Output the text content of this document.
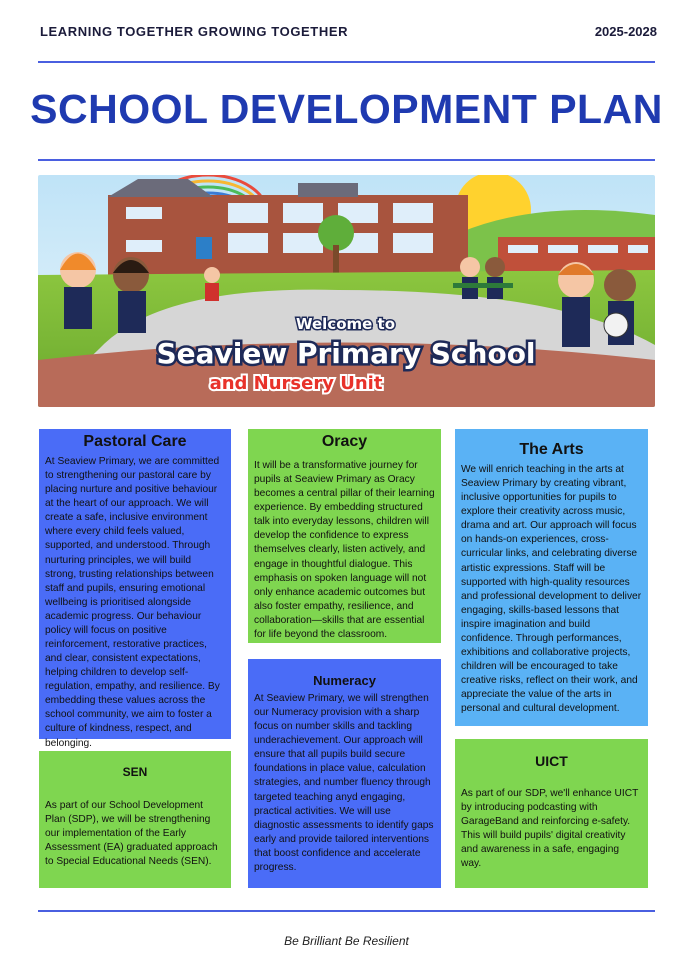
LEARNING TOGETHER GROWING TOGETHER	2025-2028
SCHOOL DEVELOPMENT PLAN
Welcome to
Seaview Primary School
and Nursery Unit
Pastoral Care

At Seaview Primary, we are committed to strengthening our pastoral care by placing nurture and positive behaviour at the heart of our approach. We will create a safe, inclusive environment where every child feels valued, supported, and understood. Through nurturing principles, we will build strong, trusting relationships between staff and pupils, ensuring emotional wellbeing is prioritised alongside academic progress. Our behaviour policy will focus on positive reinforcement, restorative practices, and clear, consistent expectations, helping children to develop self-regulation, empathy, and resilience. By embedding these values across the school community, we aim to foster a culture of kindness, respect, and belonging.

SEN

As part of our School Development Plan (SDP), we will be strengthening our implementation of the Early Assessment (EA) graduated approach to Special Educational Needs (SEN).

Oracy

It will be a transformative journey for pupils at Seaview Primary as Oracy becomes a central pillar of their learning experience. By embedding structured talk into everyday lessons, children will develop the confidence to express themselves clearly, listen actively, and engage in thoughtful dialogue. This emphasis on spoken language will not only enhance academic outcomes but also foster empathy, resilience, and collaboration—skills that are essential for life beyond the classroom.

Numeracy

At Seaview Primary, we will strengthen our Numeracy provision with a sharp focus on number skills and tackling underachievement. Our approach will ensure that all pupils build secure foundations in place value, calculation strategies, and number fluency through targeted teaching anyd engaging, practical activities. We will use diagnostic assessments to identify gaps early and provide tailored interventions that boost confidence and accelerate progress.

The Arts

We will enrich teaching in the arts at Seaview Primary by creating vibrant, inclusive opportunities for pupils to explore their creativity across music, drama and art. Our approach will focus on hands-on experiences, cross-curricular links, and celebrating diverse artistic expressions. Staff will be supported with high-quality resources and professional development to deliver engaging, skills-based lessons that inspire imagination and build confidence. Through performances, exhibitions and collaborative projects, children will be encouraged to take creative risks, reflect on their work, and appreciate the value of the arts in personal and cultural development.

UICT

As part of our SDP, we'll enhance UICT by introducing podcasting with GarageBand and reinforcing e-safety. This will build pupils' digital creativity and awareness in a safe, engaging way.

Be Brilliant Be Resilient
